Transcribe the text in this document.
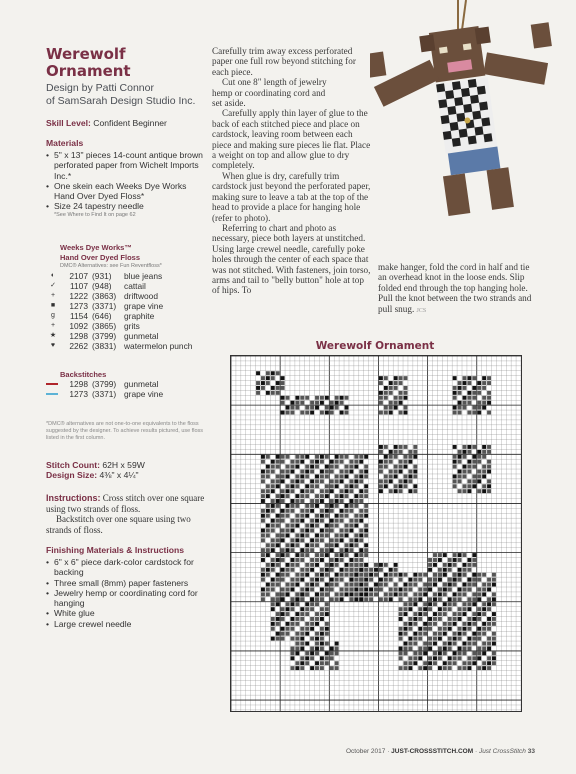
Werewolf Ornament
Design by Patti Connor
of SamSarah Design Studio Inc.
Skill Level: Confident Beginner
Materials
• 5" x 13" pieces 14-count antique brown perforated paper from Wichelt Imports Inc.*
• One skein each Weeks Dye Works Hand Over Dyed Floss*
• Size 24 tapestry needle
*See Where to Find It on page 62
Weeks Dye Works™
Hand Over Dyed Floss
DMC® Alternatives: see Fun Reventfloss*
◐	2107	(931)	blue jeans
✓	1107	(948)	cattail
+	1222	(3863)	driftwood
■	1273	(3371)	grape vine
g	1154	(646)	graphite
+	1092	(3865)	grits
★	1298	(3799)	gunmetal
♥	2262	(3831)	watermelon punch
Backstitches
	1298	(3799)	gunmetal

	1273	(3371)	grape vine
*DMC® alternatives are not one-to-one equivalents to the floss suggested by the designer. To achieve results pictured, use floss listed in the first column.
Stitch Count: 62H x 59W
Design Size: 4⅜" x 4¼"

Instructions: Cross stitch over one square using two strands of floss.

Backstitch over one square using two strands of floss.

Finishing Materials & Instructions
• 6" x 6" piece dark-color cardstock for backing
• Three small (8mm) paper fasteners
• Jewelry hemp or coordinating cord for hanging
• White glue
• Large crewel needle

Carefully trim away excess perforated paper one full row beyond stitching for each piece.

Cut one 8" length of jewelry hemp or coordinating cord and set aside.

Carefully apply thin layer of glue to the back of each stitched piece and place on cardstock, leaving room between each piece and making sure pieces lie flat. Place a weight on top and allow glue to dry completely.

When glue is dry, carefully trim cardstock just beyond the perforated paper, making sure to leave a tab at the top of the head to provide a place for hanging hole (refer to photo).

Referring to chart and photo as necessary, piece both layers at unstitched. Using large crewel needle, carefully poke holes through the center of each space that was not stitched. With fasteners, join torso, arms and tail to "belly button" hole at top of hips. To

make hanger, fold the cord in half and tie an overhead knot in the loose ends. Slip folded end through the top hanging hole. Pull the knot between the two strands and pull snug. JCS

Werewolf Ornament
October 2017 · JUST-CROSSSTITCH.COM · Just CrossStitch 33
